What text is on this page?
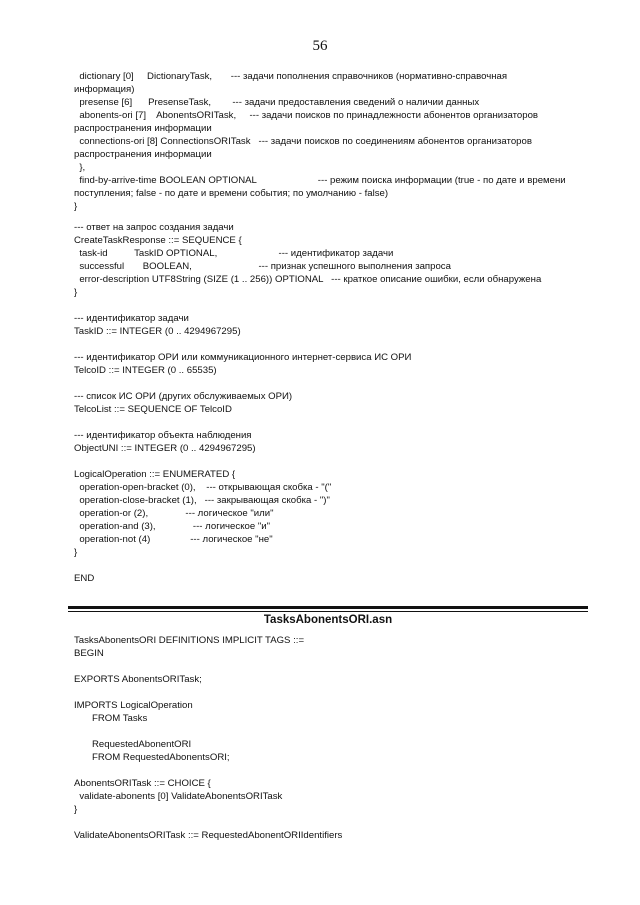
56
dictionary [0]     DictionaryTask,       --- задачи пополнения справочников (нормативно-справочная
информация)
presense [6]      PresenseTask,        --- задачи предоставления сведений о наличии данных
abonents-ori [7]    AbonentsORITask,     --- задачи поисков по принадлежности абонентов организаторов
распространения информации
connections-ori [8] ConnectionsORITask   --- задачи поисков по соединениям абонентов организаторов
распространения информации
},
find-by-arrive-time BOOLEAN OPTIONAL                       --- режим поиска информации (true - по дате и времени
поступления; false - по дате и времени события; по умолчанию - false)
}
--- ответ на запрос создания задачи
CreateTaskResponse ::= SEQUENCE {
task-id          TaskID OPTIONAL,                       --- идентификатор задачи
successful       BOOLEAN,                         --- признак успешного выполнения запроса
error-description UTF8String (SIZE (1 .. 256)) OPTIONAL   --- краткое описание ошибки, если обнаружена
}
--- идентификатор задачи
TaskID ::= INTEGER (0 .. 4294967295)
--- идентификатор ОРИ или коммуникационного интернет-сервиса ИС ОРИ
TelcoID ::= INTEGER (0 .. 65535)
--- список ИС ОРИ (других обслуживаемых ОРИ)
TelcoList ::= SEQUENCE OF TelcoID
--- идентификатор объекта наблюдения
ObjectUNI ::= INTEGER (0 .. 4294967295)
LogicalOperation ::= ENUMERATED {
operation-open-bracket (0),    --- открывающая скобка - "("
operation-close-bracket (1),   --- закрывающая скобка - ")"
operation-or (2),              --- логическое "или"
operation-and (3),              --- логическое "и"
operation-not (4)               --- логическое "не"
}
END
TasksAbonentsORI.asn
TasksAbonentsORI DEFINITIONS IMPLICIT TAGS ::=
BEGIN
EXPORTS AbonentsORITask;
IMPORTS LogicalOperation
FROM Tasks
RequestedAbonentORI
FROM RequestedAbonentsORI;
AbonentsORITask ::= CHOICE {
validate-abonents [0] ValidateAbonentsORITask
}
ValidateAbonentsORITask ::= RequestedAbonentORIIdentifiers
